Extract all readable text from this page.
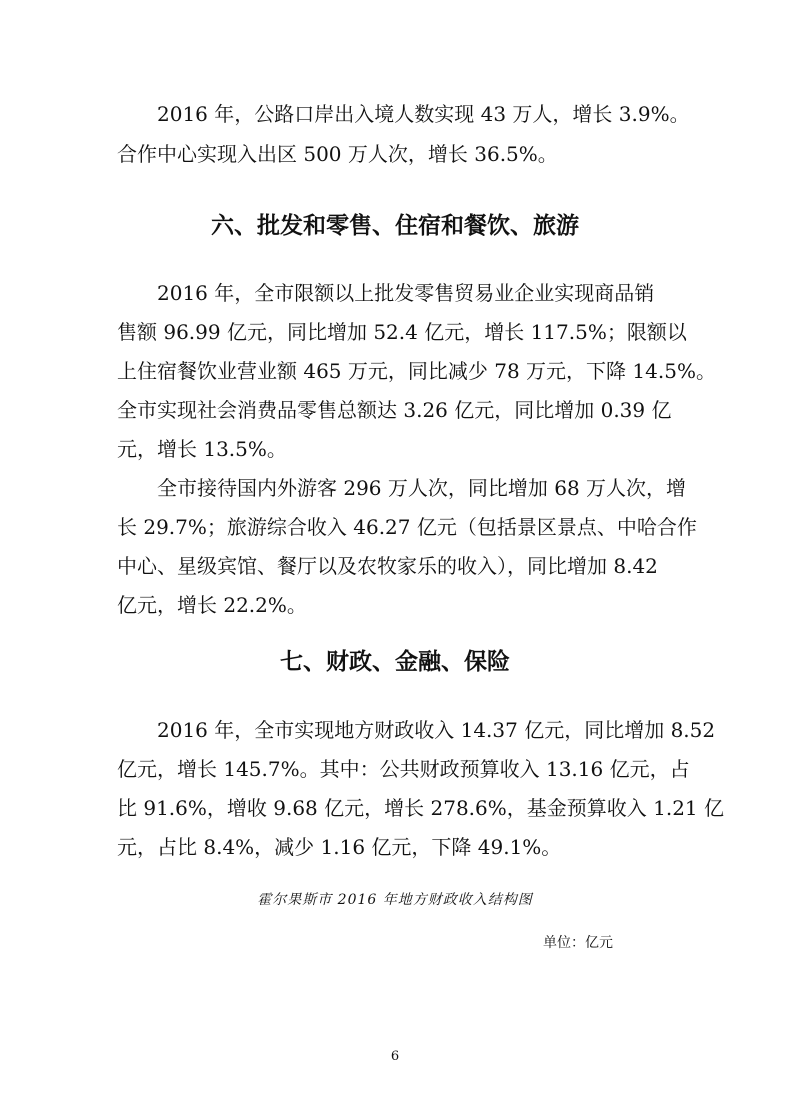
2016 年，公路口岸出入境人数实现 43 万人，增长 3.9%。
合作中心实现入出区 500 万人次，增长 36.5%。
六、批发和零售、住宿和餐饮、旅游
2016 年，全市限额以上批发零售贸易业企业实现商品销
售额 96.99 亿元，同比增加 52.4 亿元，增长 117.5%；限额以
上住宿餐饮业营业额 465 万元，同比减少 78 万元，下降 14.5%。
全市实现社会消费品零售总额达 3.26 亿元，同比增加 0.39 亿
元，增长 13.5%。
全市接待国内外游客 296 万人次，同比增加 68 万人次，增
长 29.7%；旅游综合收入 46.27 亿元（包括景区景点、中哈合作
中心、星级宾馆、餐厅以及农牧家乐的收入），同比增加 8.42
亿元，增长 22.2%。
七、财政、金融、保险
2016 年，全市实现地方财政收入 14.37 亿元，同比增加 8.52
亿元，增长 145.7%。其中：公共财政预算收入 13.16 亿元，占
比 91.6%，增收 9.68 亿元，增长 278.6%，基金预算收入 1.21 亿
元，占比 8.4%，减少 1.16 亿元，下降 49.1%。
霍尔果斯市 2016 年地方财政收入结构图
单位：亿元
6
